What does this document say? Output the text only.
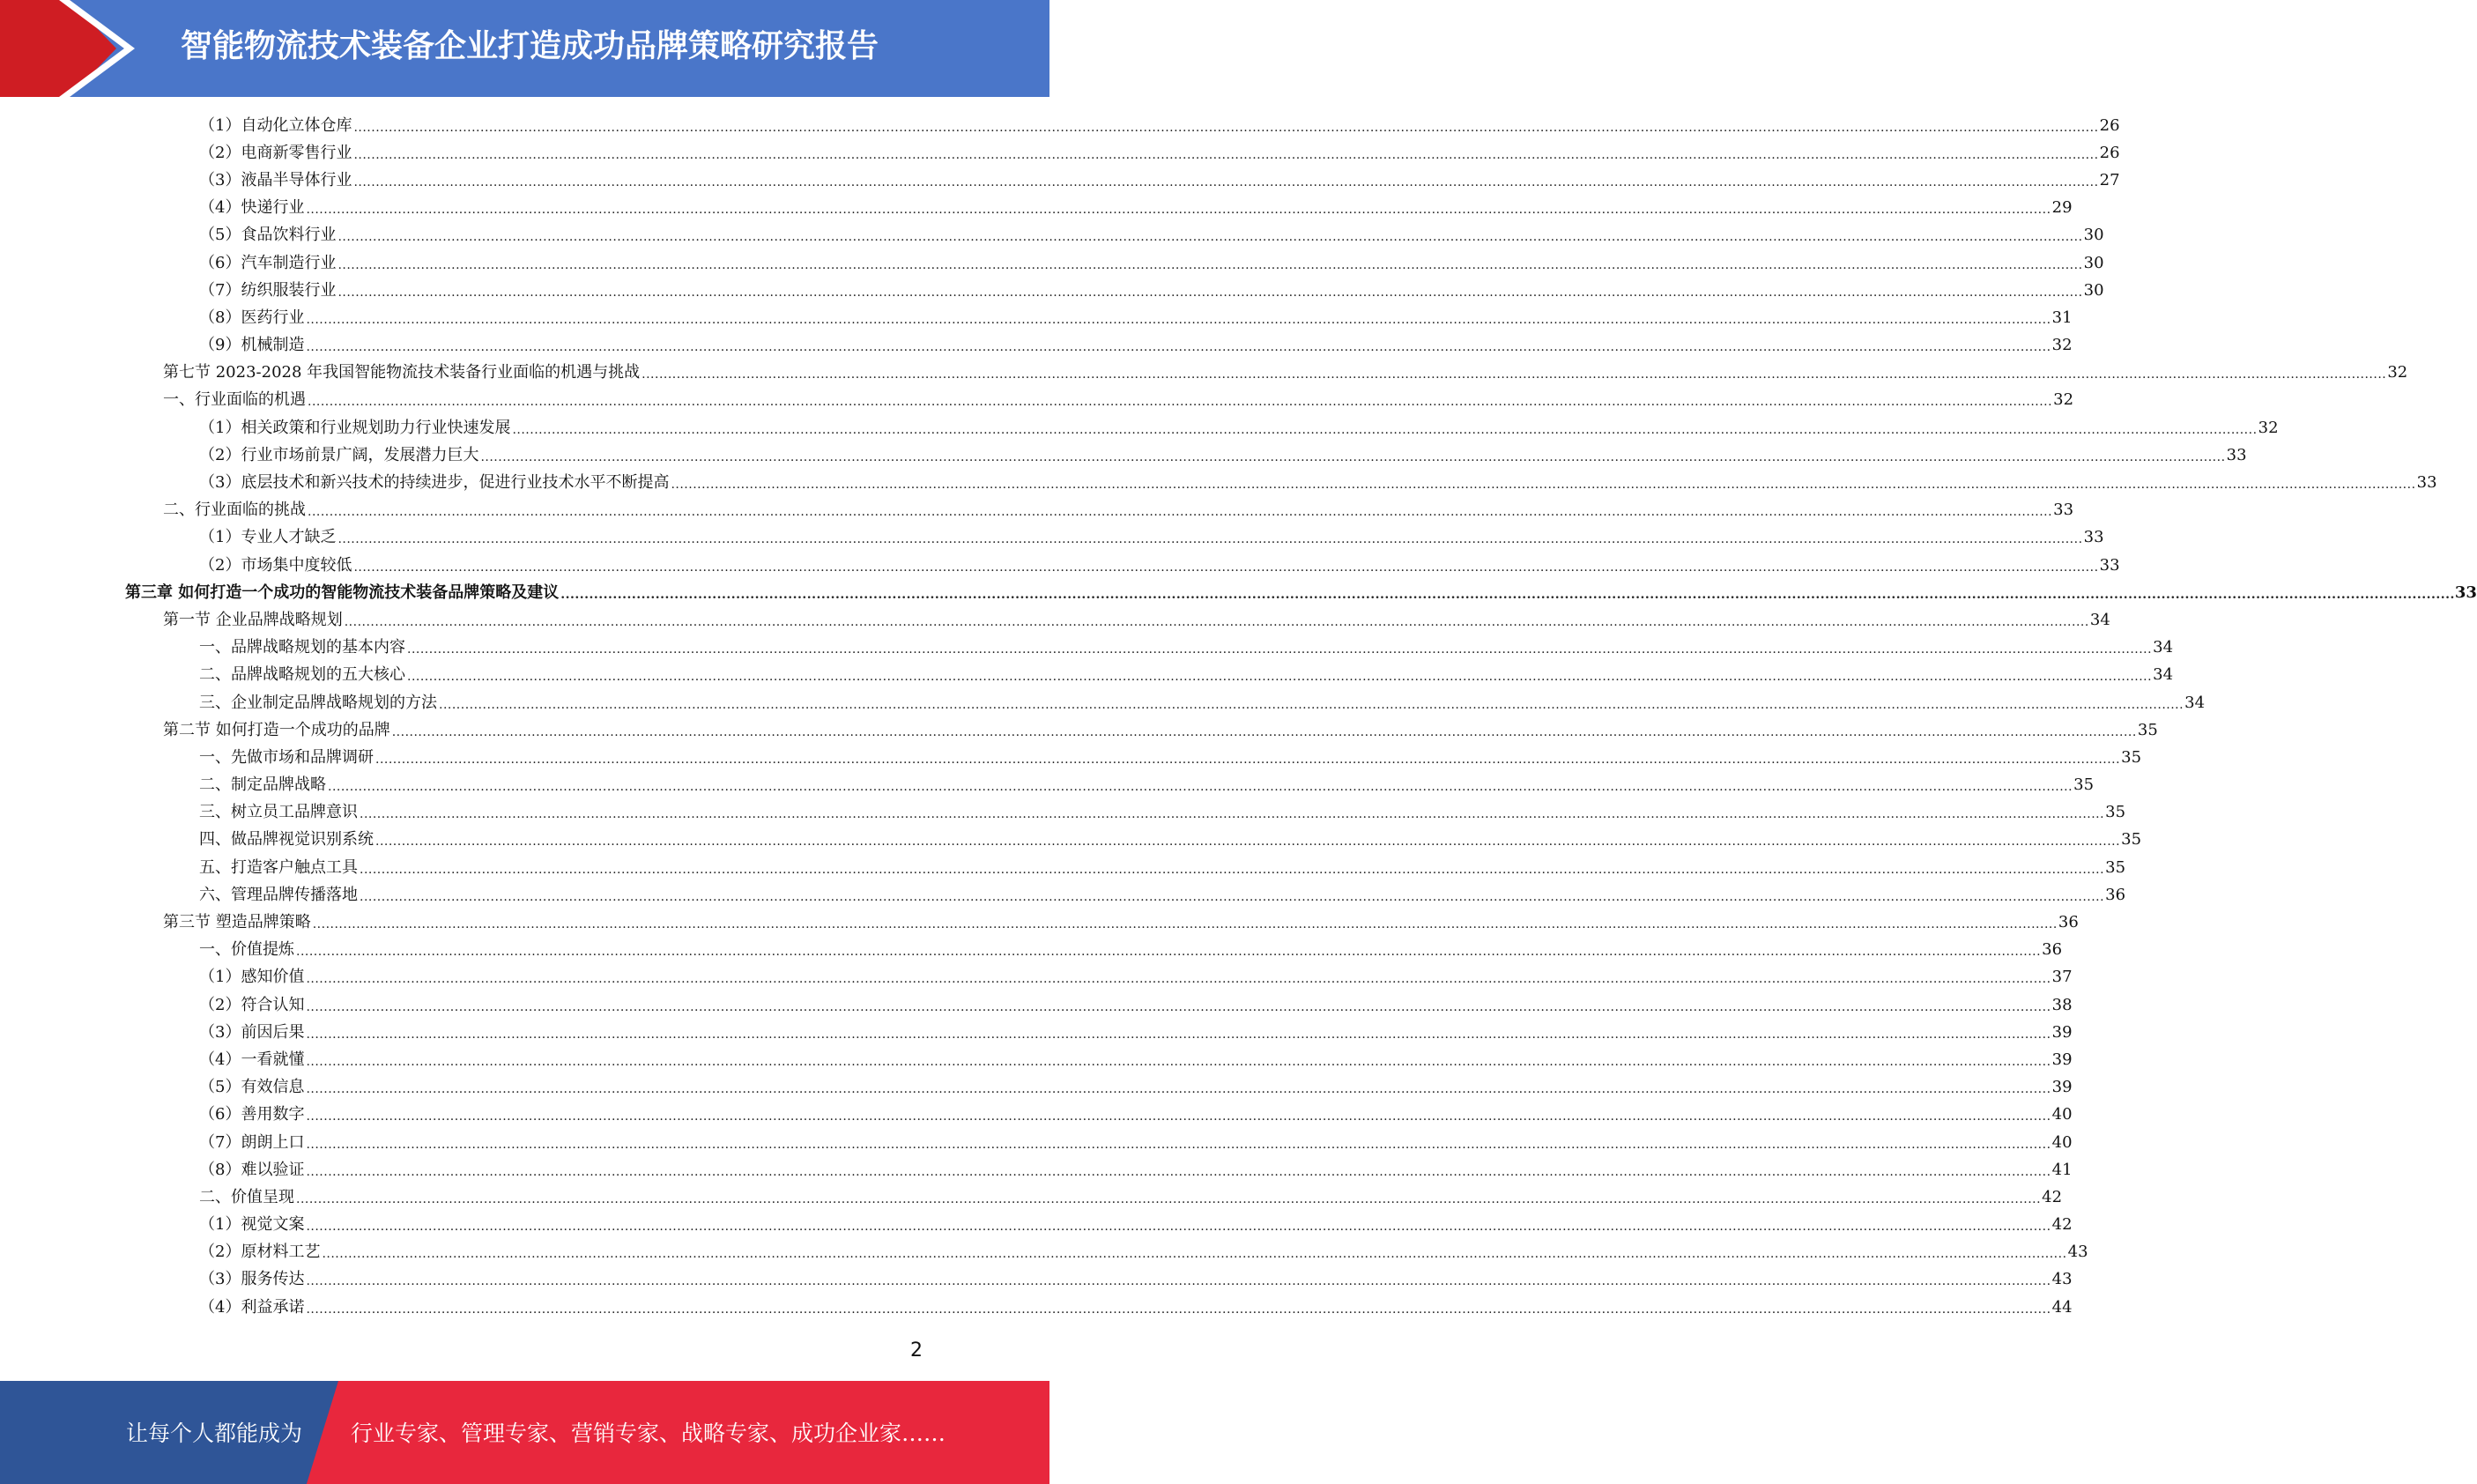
智能物流技术装备企业打造成功品牌策略研究报告
（1）自动化立体仓库 ................................................................................................................................................................................................................................................................................................................................................................................................................ 26
（2）电商新零售行业 ................................................................................................................................................................................................................................................................................................................................................................................................................ 26
（3）液晶半导体行业 ................................................................................................................................................................................................................................................................................................................................................................................................................ 27
（4）快递行业 ................................................................................................................................................................................................................................................................................................................................................................................................................ 29
（5）食品饮料行业 ................................................................................................................................................................................................................................................................................................................................................................................................................ 30
（6）汽车制造行业 ................................................................................................................................................................................................................................................................................................................................................................................................................ 30
（7）纺织服装行业 ................................................................................................................................................................................................................................................................................................................................................................................................................ 30
（8）医药行业 ................................................................................................................................................................................................................................................................................................................................................................................................................ 31
（9）机械制造 ................................................................................................................................................................................................................................................................................................................................................................................................................ 32
第七节 2023-2028 年我国智能物流技术装备行业面临的机遇与挑战 ................................................................................................................................................................................................................................................................................................................................................................................................................ 32
一、行业面临的机遇 ................................................................................................................................................................................................................................................................................................................................................................................................................ 32
（1）相关政策和行业规划助力行业快速发展 ................................................................................................................................................................................................................................................................................................................................................................................................................ 32
（2）行业市场前景广阔，发展潜力巨大 ................................................................................................................................................................................................................................................................................................................................................................................................................ 33
（3）底层技术和新兴技术的持续进步，促进行业技术水平不断提高 ................................................................................................................................................................................................................................................................................................................................................................................................................ 33
二、行业面临的挑战 ................................................................................................................................................................................................................................................................................................................................................................................................................ 33
（1）专业人才缺乏 ................................................................................................................................................................................................................................................................................................................................................................................................................ 33
（2）市场集中度较低 ................................................................................................................................................................................................................................................................................................................................................................................................................ 33
第三章 如何打造一个成功的智能物流技术装备品牌策略及建议 ................................................................................................................................................................................................................................................................................................................................................................................................................ 33
第一节 企业品牌战略规划 ................................................................................................................................................................................................................................................................................................................................................................................................................ 34
一、品牌战略规划的基本内容 ................................................................................................................................................................................................................................................................................................................................................................................................................ 34
二、品牌战略规划的五大核心 ................................................................................................................................................................................................................................................................................................................................................................................................................ 34
三、企业制定品牌战略规划的方法 ................................................................................................................................................................................................................................................................................................................................................................................................................ 34
第二节 如何打造一个成功的品牌 ................................................................................................................................................................................................................................................................................................................................................................................................................ 35
一、先做市场和品牌调研 ................................................................................................................................................................................................................................................................................................................................................................................................................ 35
二、制定品牌战略 ................................................................................................................................................................................................................................................................................................................................................................................................................ 35
三、树立员工品牌意识 ................................................................................................................................................................................................................................................................................................................................................................................................................ 35
四、做品牌视觉识别系统 ................................................................................................................................................................................................................................................................................................................................................................................................................ 35
五、打造客户触点工具 ................................................................................................................................................................................................................................................................................................................................................................................................................ 35
六、管理品牌传播落地 ................................................................................................................................................................................................................................................................................................................................................................................................................ 36
第三节 塑造品牌策略 ................................................................................................................................................................................................................................................................................................................................................................................................................ 36
一、价值提炼 ................................................................................................................................................................................................................................................................................................................................................................................................................ 36
（1）感知价值 ................................................................................................................................................................................................................................................................................................................................................................................................................ 37
（2）符合认知 ................................................................................................................................................................................................................................................................................................................................................................................................................ 38
（3）前因后果 ................................................................................................................................................................................................................................................................................................................................................................................................................ 39
（4）一看就懂 ................................................................................................................................................................................................................................................................................................................................................................................................................ 39
（5）有效信息 ................................................................................................................................................................................................................................................................................................................................................................................................................ 39
（6）善用数字 ................................................................................................................................................................................................................................................................................................................................................................................................................ 40
（7）朗朗上口 ................................................................................................................................................................................................................................................................................................................................................................................................................ 40
（8）难以验证 ................................................................................................................................................................................................................................................................................................................................................................................................................ 41
二、价值呈现 ................................................................................................................................................................................................................................................................................................................................................................................................................ 42
（1）视觉文案 ................................................................................................................................................................................................................................................................................................................................................................................................................ 42
（2）原材料工艺 ................................................................................................................................................................................................................................................................................................................................................................................................................ 43
（3）服务传达 ................................................................................................................................................................................................................................................................................................................................................................................................................ 43
（4）利益承诺 ................................................................................................................................................................................................................................................................................................................................................................................................................ 44
2
让每个人都能成为 行业专家、管理专家、营销专家、战略专家、成功企业家……
